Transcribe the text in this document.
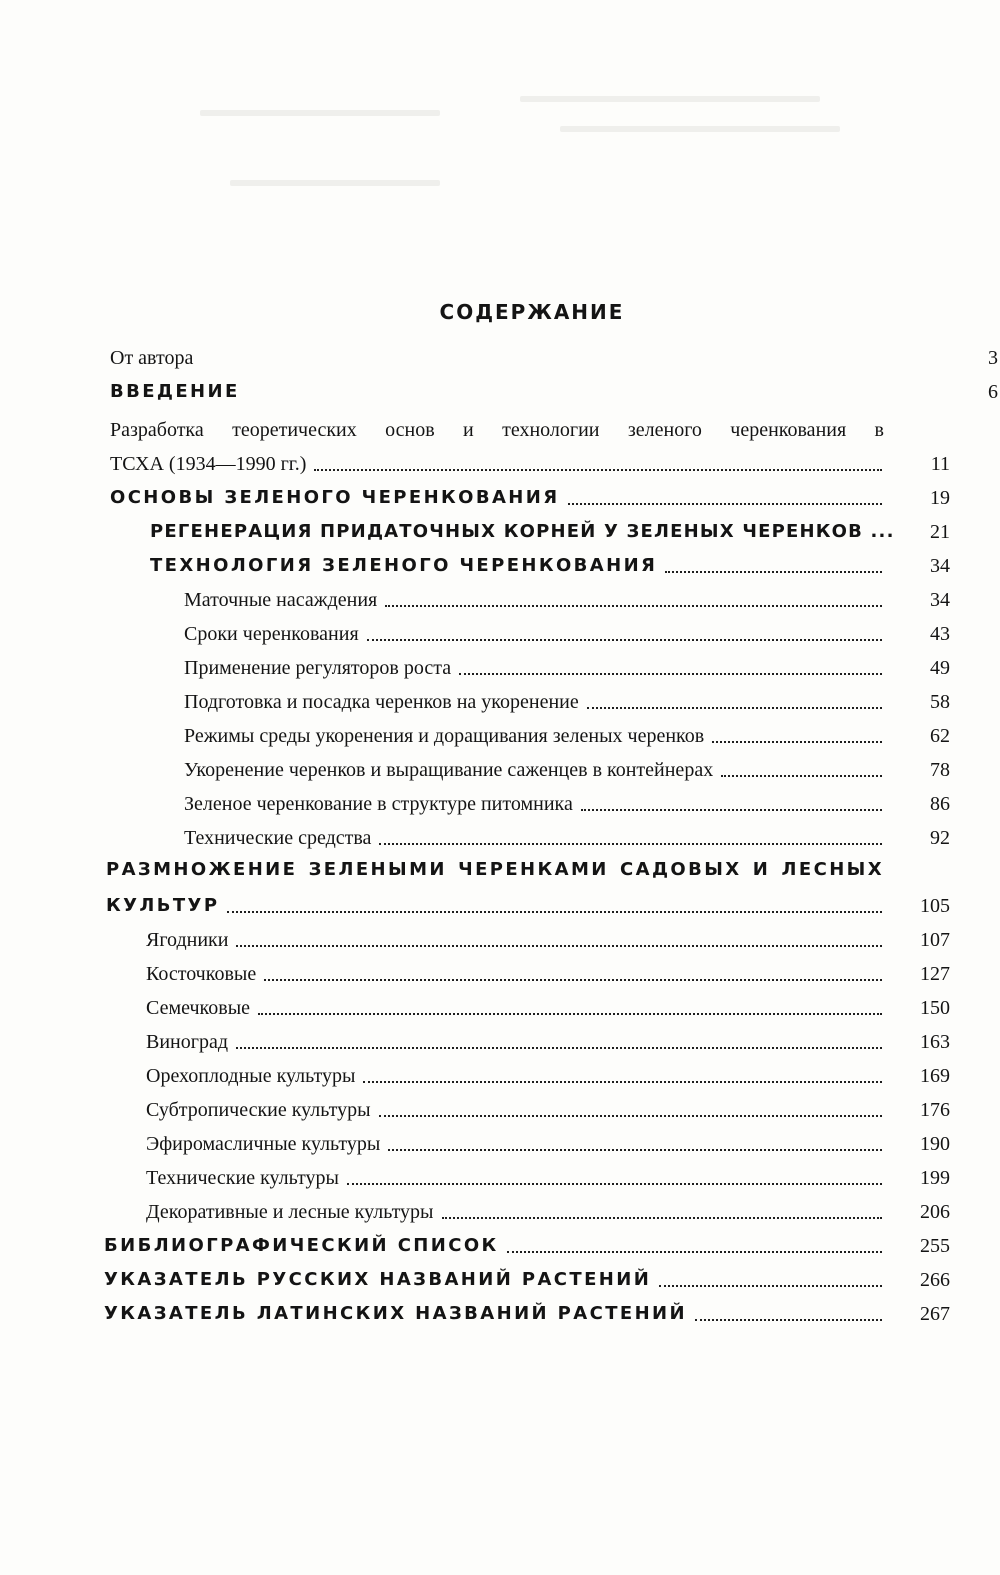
СОДЕРЖАНИЕ
От автора	3
ВВЕДЕНИЕ	6
Разработка теоретических основ и технологии зеленого черенкования в
ТСХА (1934—1990 гг.)	11
ОСНОВЫ ЗЕЛЕНОГО ЧЕРЕНКОВАНИЯ	19
РЕГЕНЕРАЦИЯ ПРИДАТОЧНЫХ КОРНЕЙ У ЗЕЛЕНЫХ ЧЕРЕНКОВ ...	21
ТЕХНОЛОГИЯ ЗЕЛЕНОГО ЧЕРЕНКОВАНИЯ	34
Маточные насаждения	34
Сроки черенкования	43
Применение регуляторов роста	49
Подготовка и посадка черенков на укоренение	58
Режимы среды укоренения и доращивания зеленых черенков	62
Укоренение черенков и выращивание саженцев в контейнерах	78
Зеленое черенкование в структуре питомника	86
Технические средства	92
РАЗМНОЖЕНИЕ ЗЕЛЕНЫМИ ЧЕРЕНКАМИ САДОВЫХ И ЛЕСНЫХ
КУЛЬТУР	105
Ягодники	107
Косточковые	127
Семечковые	150
Виноград	163
Орехоплодные культуры	169
Субтропические культуры	176
Эфиромасличные культуры	190
Технические культуры	199
Декоративные и лесные культуры	206
БИБЛИОГРАФИЧЕСКИЙ СПИСОК	255
УКАЗАТЕЛЬ РУССКИХ НАЗВАНИЙ РАСТЕНИЙ	266
УКАЗАТЕЛЬ ЛАТИНСКИХ НАЗВАНИЙ РАСТЕНИЙ	267
